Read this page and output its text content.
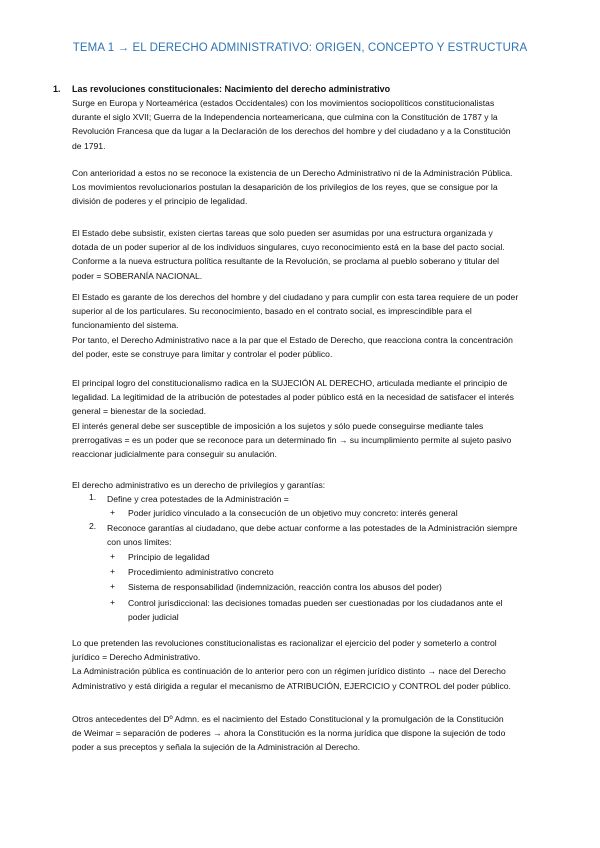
TEMA 1 → EL DERECHO ADMINISTRATIVO: ORIGEN, CONCEPTO Y ESTRUCTURA
1. Las revoluciones constitucionales: Nacimiento del derecho administrativo
Surge en Europa y Norteamérica (estados Occidentales) con los movimientos sociopolíticos constitucionalistas
durante el siglo XVII; Guerra de la Independencia norteamericana, que culmina con la Constitución de 1787 y la
Revolución Francesa que da lugar a la Declaración de los derechos del hombre y del ciudadano y a la Constitución
de 1791.
Con anterioridad a estos no se reconoce la existencia de un Derecho Administrativo ni de la Administración Pública.
Los movimientos revolucionarios postulan la desaparición de los privilegios de los reyes, que se consigue por la
división de poderes y el principio de legalidad.
El Estado debe subsistir, existen ciertas tareas que solo pueden ser asumidas por una estructura organizada y
dotada de un poder superior al de los individuos singulares, cuyo reconocimiento está en la base del pacto social.
Conforme a la nueva estructura política resultante de la Revolución, se proclama al pueblo soberano y titular del
poder = SOBERANÍA NACIONAL.
El Estado es garante de los derechos del hombre y del ciudadano y para cumplir con esta tarea requiere de un poder
superior al de los particulares. Su reconocimiento, basado en el contrato social, es imprescindible para el
funcionamiento del sistema.
Por tanto, el Derecho Administrativo nace a la par que el Estado de Derecho, que reacciona contra la concentración
del poder, este se construye para limitar y controlar el poder público.
El principal logro del constitucionalismo radica en la SUJECIÓN AL DERECHO, articulada mediante el principio de
legalidad. La legitimidad de la atribución de potestades al poder público está en la necesidad de satisfacer el interés
general = bienestar de la sociedad.
El interés general debe ser susceptible de imposición a los sujetos y sólo puede conseguirse mediante tales
prerrogativas = es un poder que se reconoce para un determinado fin → su incumplimiento permite al sujeto pasivo
reaccionar judicialmente para conseguir su anulación.
El derecho administrativo es un derecho de privilegios y garantías:
1. Define y crea potestades de la Administración =
+ Poder jurídico vinculado a la consecución de un objetivo muy concreto: interés general
2. Reconoce garantías al ciudadano, que debe actuar conforme a las potestades de la Administración siempre
con unos límites:
+ Principio de legalidad
+ Procedimiento administrativo concreto
+ Sistema de responsabilidad (indemnización, reacción contra los abusos del poder)
+ Control jurisdiccional: las decisiones tomadas pueden ser cuestionadas por los ciudadanos ante el
poder judicial
Lo que pretenden las revoluciones constitucionalistas es racionalizar el ejercicio del poder y someterlo a control
jurídico = Derecho Administrativo.
La Administración pública es continuación de lo anterior pero con un régimen jurídico distinto → nace del Derecho
Administrativo y está dirigida a regular el mecanismo de ATRIBUCIÓN, EJERCICIO y CONTROL del poder público.
Otros antecedentes del Dº Admn. es el nacimiento del Estado Constitucional y la promulgación de la Constitución
de Weimar = separación de poderes → ahora la Constitución es la norma jurídica que dispone la sujeción de todo
poder a sus preceptos y señala la sujeción de la Administración al Derecho.
